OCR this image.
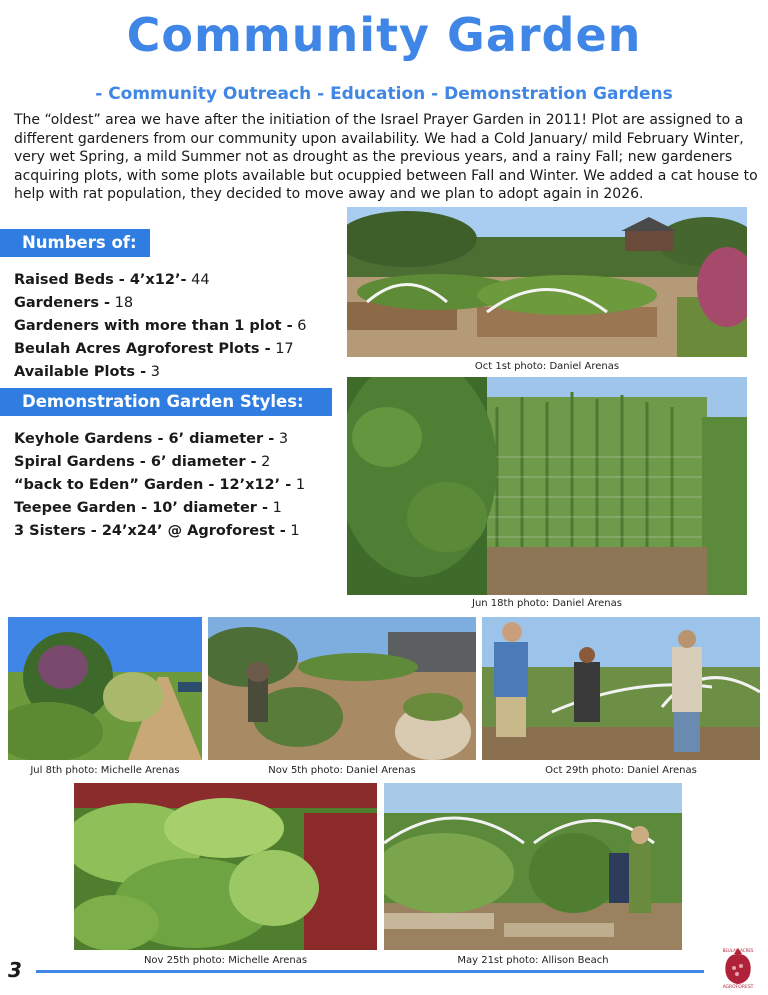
Community Garden
- Community Outreach - Education - Demonstration Gardens
The “oldest” area we have after the initiation of the Israel Prayer Garden in 2011! Plot are assigned to a different gardeners from our community upon availability. We had a Cold January/ mild February Winter, very wet Spring, a mild Summer not as drought as the previous years, and a rainy Fall; new gardeners acquiring plots, with some plots available but ocuppied between Fall and Winter. We added a cat house to help with rat population, they decided to move away and we plan to adopt again in 2026.
Numbers of:
Raised Beds - 4’x12’- 44
Gardeners - 18
Gardeners with more than 1 plot - 6
Beulah Acres Agroforest Plots - 17
Available Plots - 3
Demonstration Garden Styles:
Keyhole Gardens - 6’ diameter - 3
Spiral Gardens - 6’ diameter - 2
“back to Eden” Garden - 12’x12’ - 1
Teepee Garden - 10’ diameter - 1
3 Sisters - 24’x24’ @ Agroforest - 1
Oct 1st photo: Daniel Arenas
Jun 18th photo: Daniel Arenas
Jul 8th photo: Michelle Arenas	Nov 5th photo: Daniel Arenas	Oct 29th photo: Daniel Arenas
Nov 25th photo: Michelle Arenas	May 21st photo: Allison Beach
3
BEULAH ACRES
AGROFOREST
